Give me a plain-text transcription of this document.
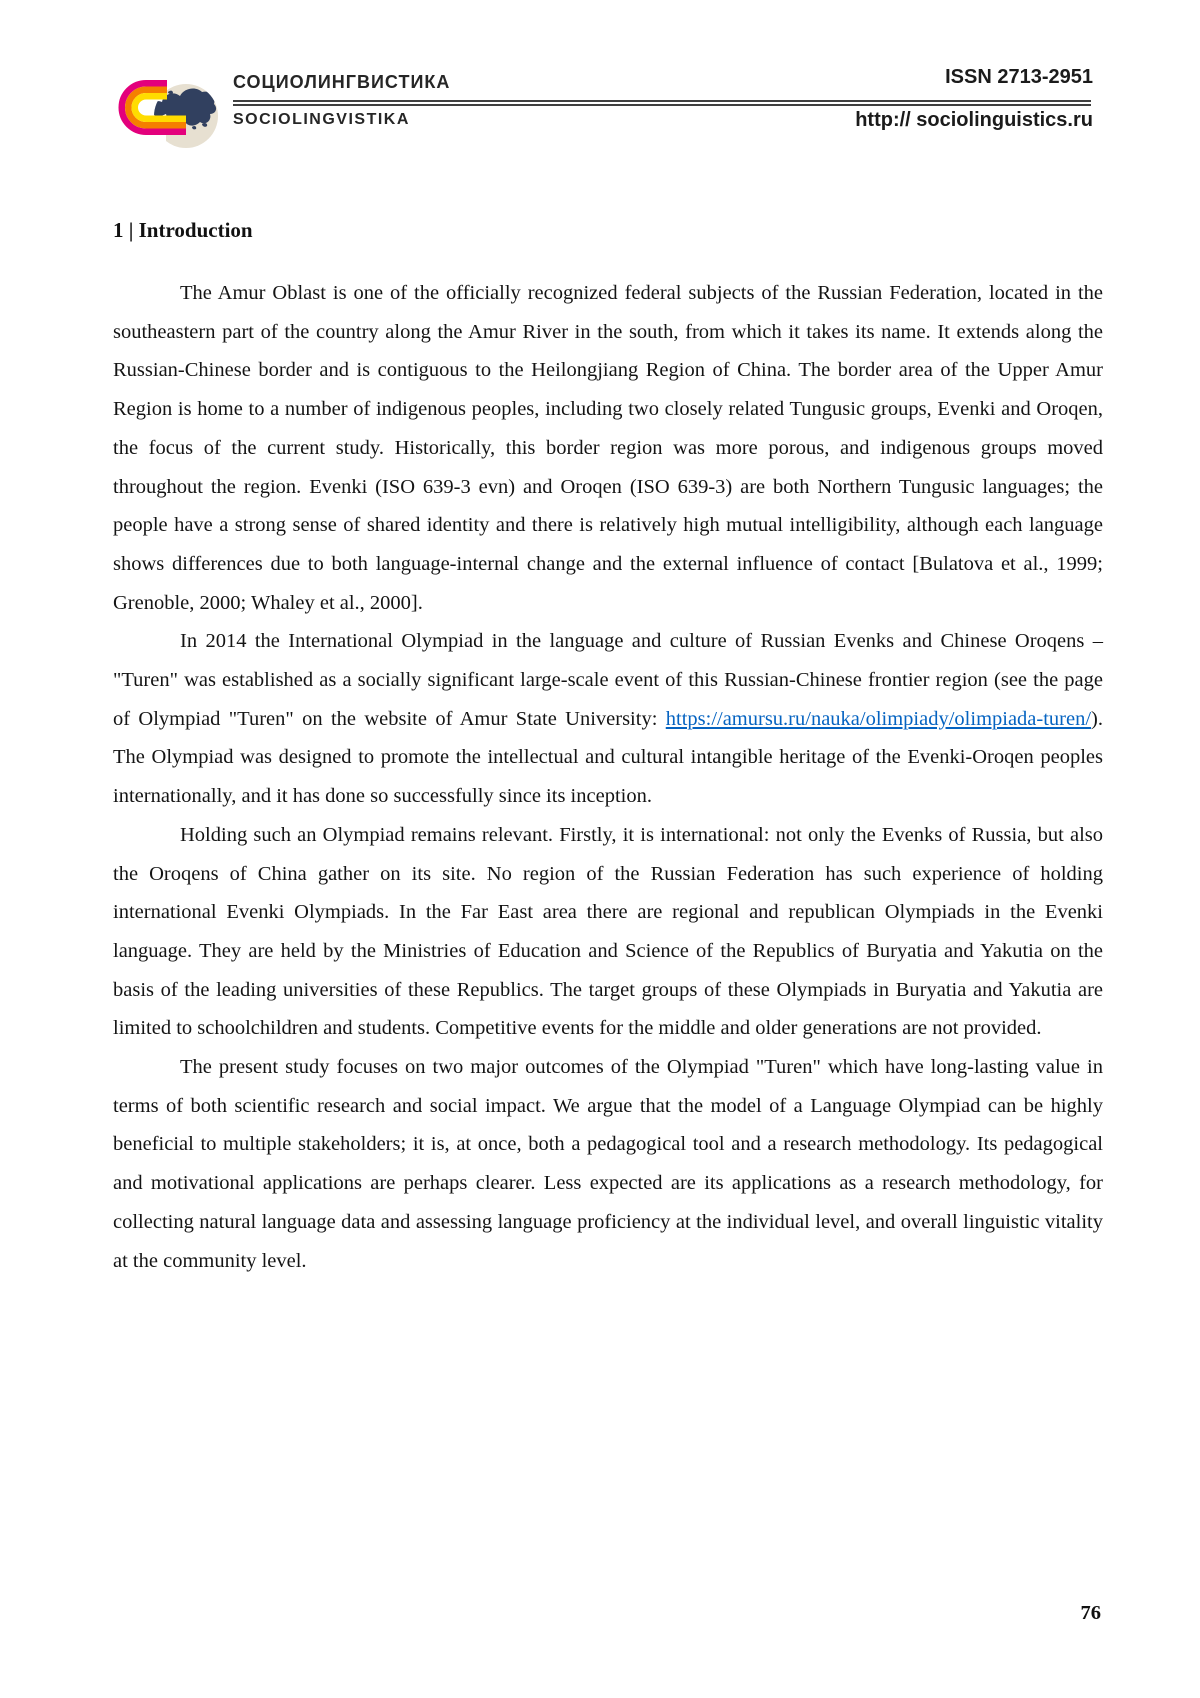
СОЦИОЛИНГВИСТИКА
SOCIOLINGVISTIKA
ISSN 2713-2951
http:// sociolinguistics.ru
1 | Introduction

The Amur Oblast is one of the officially recognized federal subjects of the Russian Federation, located in the southeastern part of the country along the Amur River in the south, from which it takes its name. It extends along the Russian-Chinese border and is contiguous to the Heilongjiang Region of China. The border area of the Upper Amur Region is home to a number of indigenous peoples, including two closely related Tungusic groups, Evenki and Oroqen, the focus of the current study. Historically, this border region was more porous, and indigenous groups moved throughout the region. Evenki (ISO 639-3 evn) and Oroqen (ISO 639-3) are both Northern Tungusic languages; the people have a strong sense of shared identity and there is relatively high mutual intelligibility, although each language shows differences due to both language-internal change and the external influence of contact [Bulatova et al., 1999; Grenoble, 2000; Whaley et al., 2000].

In 2014 the International Olympiad in the language and culture of Russian Evenks and Chinese Oroqens – "Turen" was established as a socially significant large-scale event of this Russian-Chinese frontier region (see the page of Olympiad "Turen" on the website of Amur State University: https://amursu.ru/nauka/olimpiady/olimpiada-turen/). The Olympiad was designed to promote the intellectual and cultural intangible heritage of the Evenki-Oroqen peoples internationally, and it has done so successfully since its inception.

Holding such an Olympiad remains relevant. Firstly, it is international: not only the Evenks of Russia, but also the Oroqens of China gather on its site. No region of the Russian Federation has such experience of holding international Evenki Olympiads. In the Far East area there are regional and republican Olympiads in the Evenki language. They are held by the Ministries of Education and Science of the Republics of Buryatia and Yakutia on the basis of the leading universities of these Republics. The target groups of these Olympiads in Buryatia and Yakutia are limited to schoolchildren and students. Competitive events for the middle and older generations are not provided.

The present study focuses on two major outcomes of the Olympiad "Turen" which have long-lasting value in terms of both scientific research and social impact. We argue that the model of a Language Olympiad can be highly beneficial to multiple stakeholders; it is, at once, both a pedagogical tool and a research methodology. Its pedagogical and motivational applications are perhaps clearer. Less expected are its applications as a research methodology, for collecting natural language data and assessing language proficiency at the individual level, and overall linguistic vitality at the community level.

76
